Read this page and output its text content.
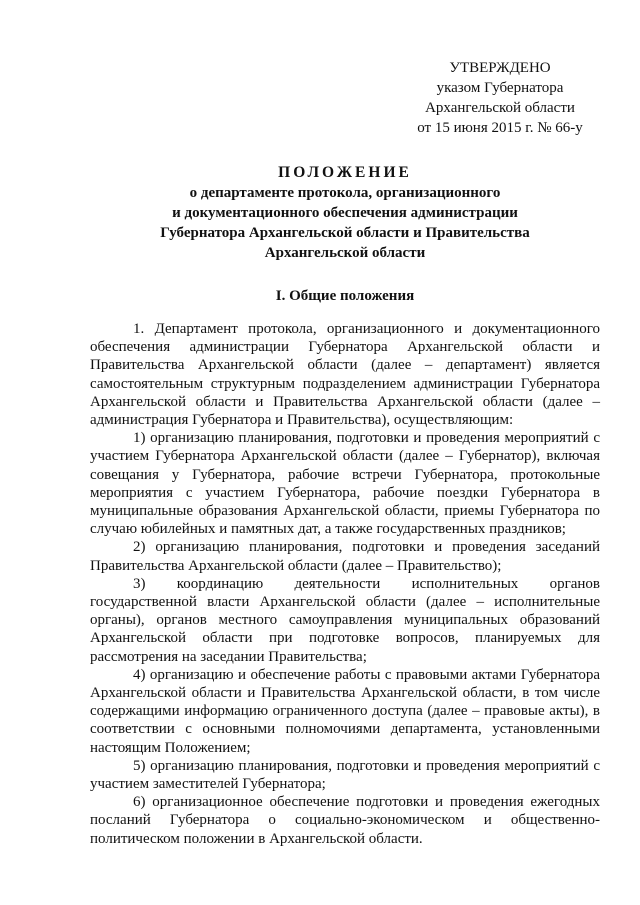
УТВЕРЖДЕНО
указом Губернатора
Архангельской области
от 15 июня 2015 г. № 66-у
ПОЛОЖЕНИЕ
о департаменте протокола, организационного
и документационного обеспечения администрации
Губернатора Архангельской области и Правительства
Архангельской области
I. Общие положения

1. Департамент протокола, организационного и документационного обеспечения администрации Губернатора Архангельской области и Правительства Архангельской области (далее – департамент) является самостоятельным структурным подразделением администрации Губернатора Архангельской области и Правительства Архангельской области (далее – администрация Губернатора и Правительства), осуществляющим:

1) организацию планирования, подготовки и проведения мероприятий с участием Губернатора Архангельской области (далее – Губернатор), включая совещания у Губернатора, рабочие встречи Губернатора, протокольные мероприятия с участием Губернатора, рабочие поездки Губернатора в муниципальные образования Архангельской области, приемы Губернатора по случаю юбилейных и памятных дат, а также государственных праздников;

2) организацию планирования, подготовки и проведения заседаний Правительства Архангельской области (далее – Правительство);

3) координацию деятельности исполнительных органов государственной власти Архангельской области (далее – исполнительные органы), органов местного самоуправления муниципальных образований Архангельской области при подготовке вопросов, планируемых для рассмотрения на заседании Правительства;

4) организацию и обеспечение работы с правовыми актами Губернатора Архангельской области и Правительства Архангельской области, в том числе содержащими информацию ограниченного доступа (далее – правовые акты), в соответствии с основными полномочиями департамента, установленными настоящим Положением;

5) организацию планирования, подготовки и проведения мероприятий с участием заместителей Губернатора;

6) организационное обеспечение подготовки и проведения ежегодных посланий Губернатора о социально-экономическом и общественно-политическом положении в Архангельской области.
